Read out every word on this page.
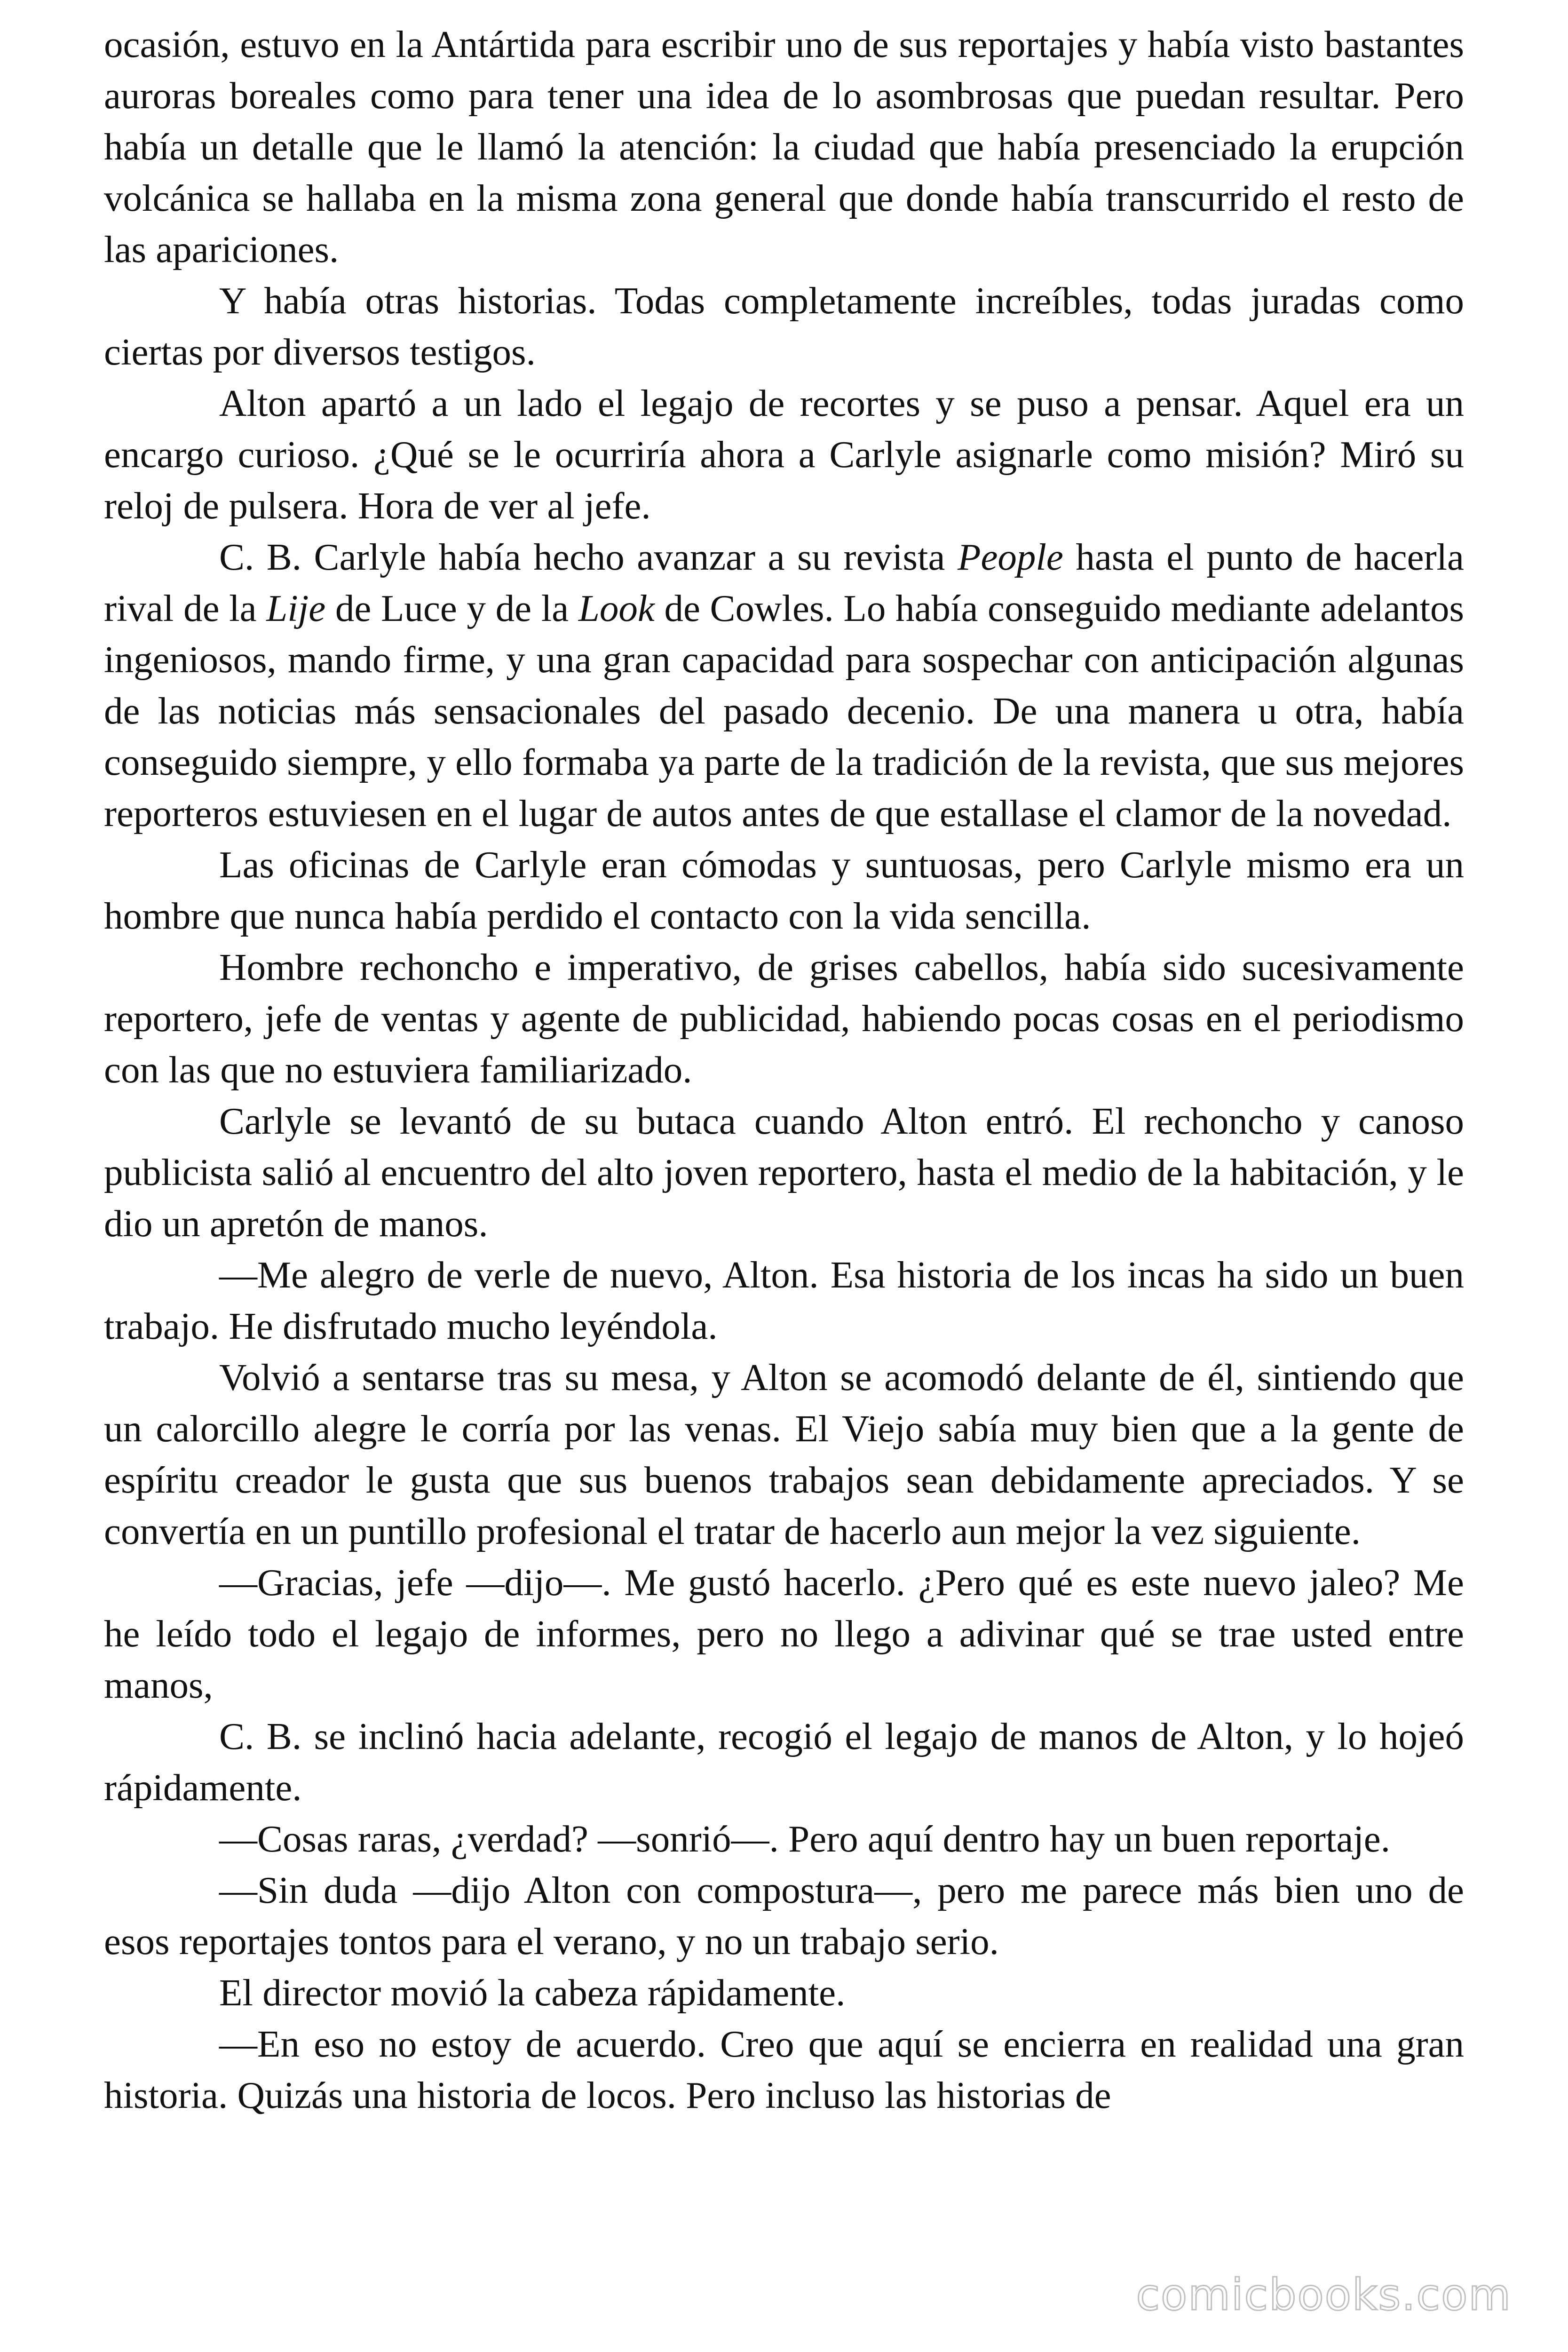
ocasión, estuvo en la Antártida para escribir uno de sus reportajes y había visto bastantes auroras boreales como para tener una idea de lo asombrosas que puedan resultar. Pero había un detalle que le llamó la atención: la ciudad que había presenciado la erupción volcánica se hallaba en la misma zona general que donde había transcurrido el resto de las apariciones.

Y había otras historias. Todas completamente increíbles, todas juradas como ciertas por diversos testigos.

Alton apartó a un lado el legajo de recortes y se puso a pensar. Aquel era un encargo curioso. ¿Qué se le ocurriría ahora a Carlyle asignarle como misión? Miró su reloj de pulsera. Hora de ver al jefe.

C. B. Carlyle había hecho avanzar a su revista People hasta el punto de hacerla rival de la Lije de Luce y de la Look de Cowles. Lo había conseguido mediante adelantos ingeniosos, mando firme, y una gran capacidad para sospechar con anticipación algunas de las noticias más sensacionales del pasado decenio. De una manera u otra, había conseguido siempre, y ello formaba ya parte de la tradición de la revista, que sus mejores reporteros estuviesen en el lugar de autos antes de que estallase el clamor de la novedad.

Las oficinas de Carlyle eran cómodas y suntuosas, pero Carlyle mismo era un hombre que nunca había perdido el contacto con la vida sencilla.

Hombre rechoncho e imperativo, de grises cabellos, había sido sucesivamente reportero, jefe de ventas y agente de publicidad, habiendo pocas cosas en el periodismo con las que no estuviera familiarizado.

Carlyle se levantó de su butaca cuando Alton entró. El rechoncho y canoso publicista salió al encuentro del alto joven reportero, hasta el medio de la habitación, y le dio un apretón de manos.

—Me alegro de verle de nuevo, Alton. Esa historia de los incas ha sido un buen trabajo. He disfrutado mucho leyéndola.

Volvió a sentarse tras su mesa, y Alton se acomodó delante de él, sintiendo que un calorcillo alegre le corría por las venas. El Viejo sabía muy bien que a la gente de espíritu creador le gusta que sus buenos trabajos sean debidamente apreciados. Y se convertía en un puntillo profesional el tratar de hacerlo aun mejor la vez siguiente.

—Gracias, jefe —dijo—. Me gustó hacerlo. ¿Pero qué es este nuevo jaleo? Me he leído todo el legajo de informes, pero no llego a adivinar qué se trae usted entre manos,

C. B. se inclinó hacia adelante, recogió el legajo de manos de Alton, y lo hojeó rápidamente.

—Cosas raras, ¿verdad? —sonrió—. Pero aquí dentro hay un buen reportaje.

—Sin duda —dijo Alton con compostura—, pero me parece más bien uno de esos reportajes tontos para el verano, y no un trabajo serio.

El director movió la cabeza rápidamente.

—En eso no estoy de acuerdo. Creo que aquí se encierra en realidad una gran historia. Quizás una historia de locos. Pero incluso las historias de

comicbooks.com
